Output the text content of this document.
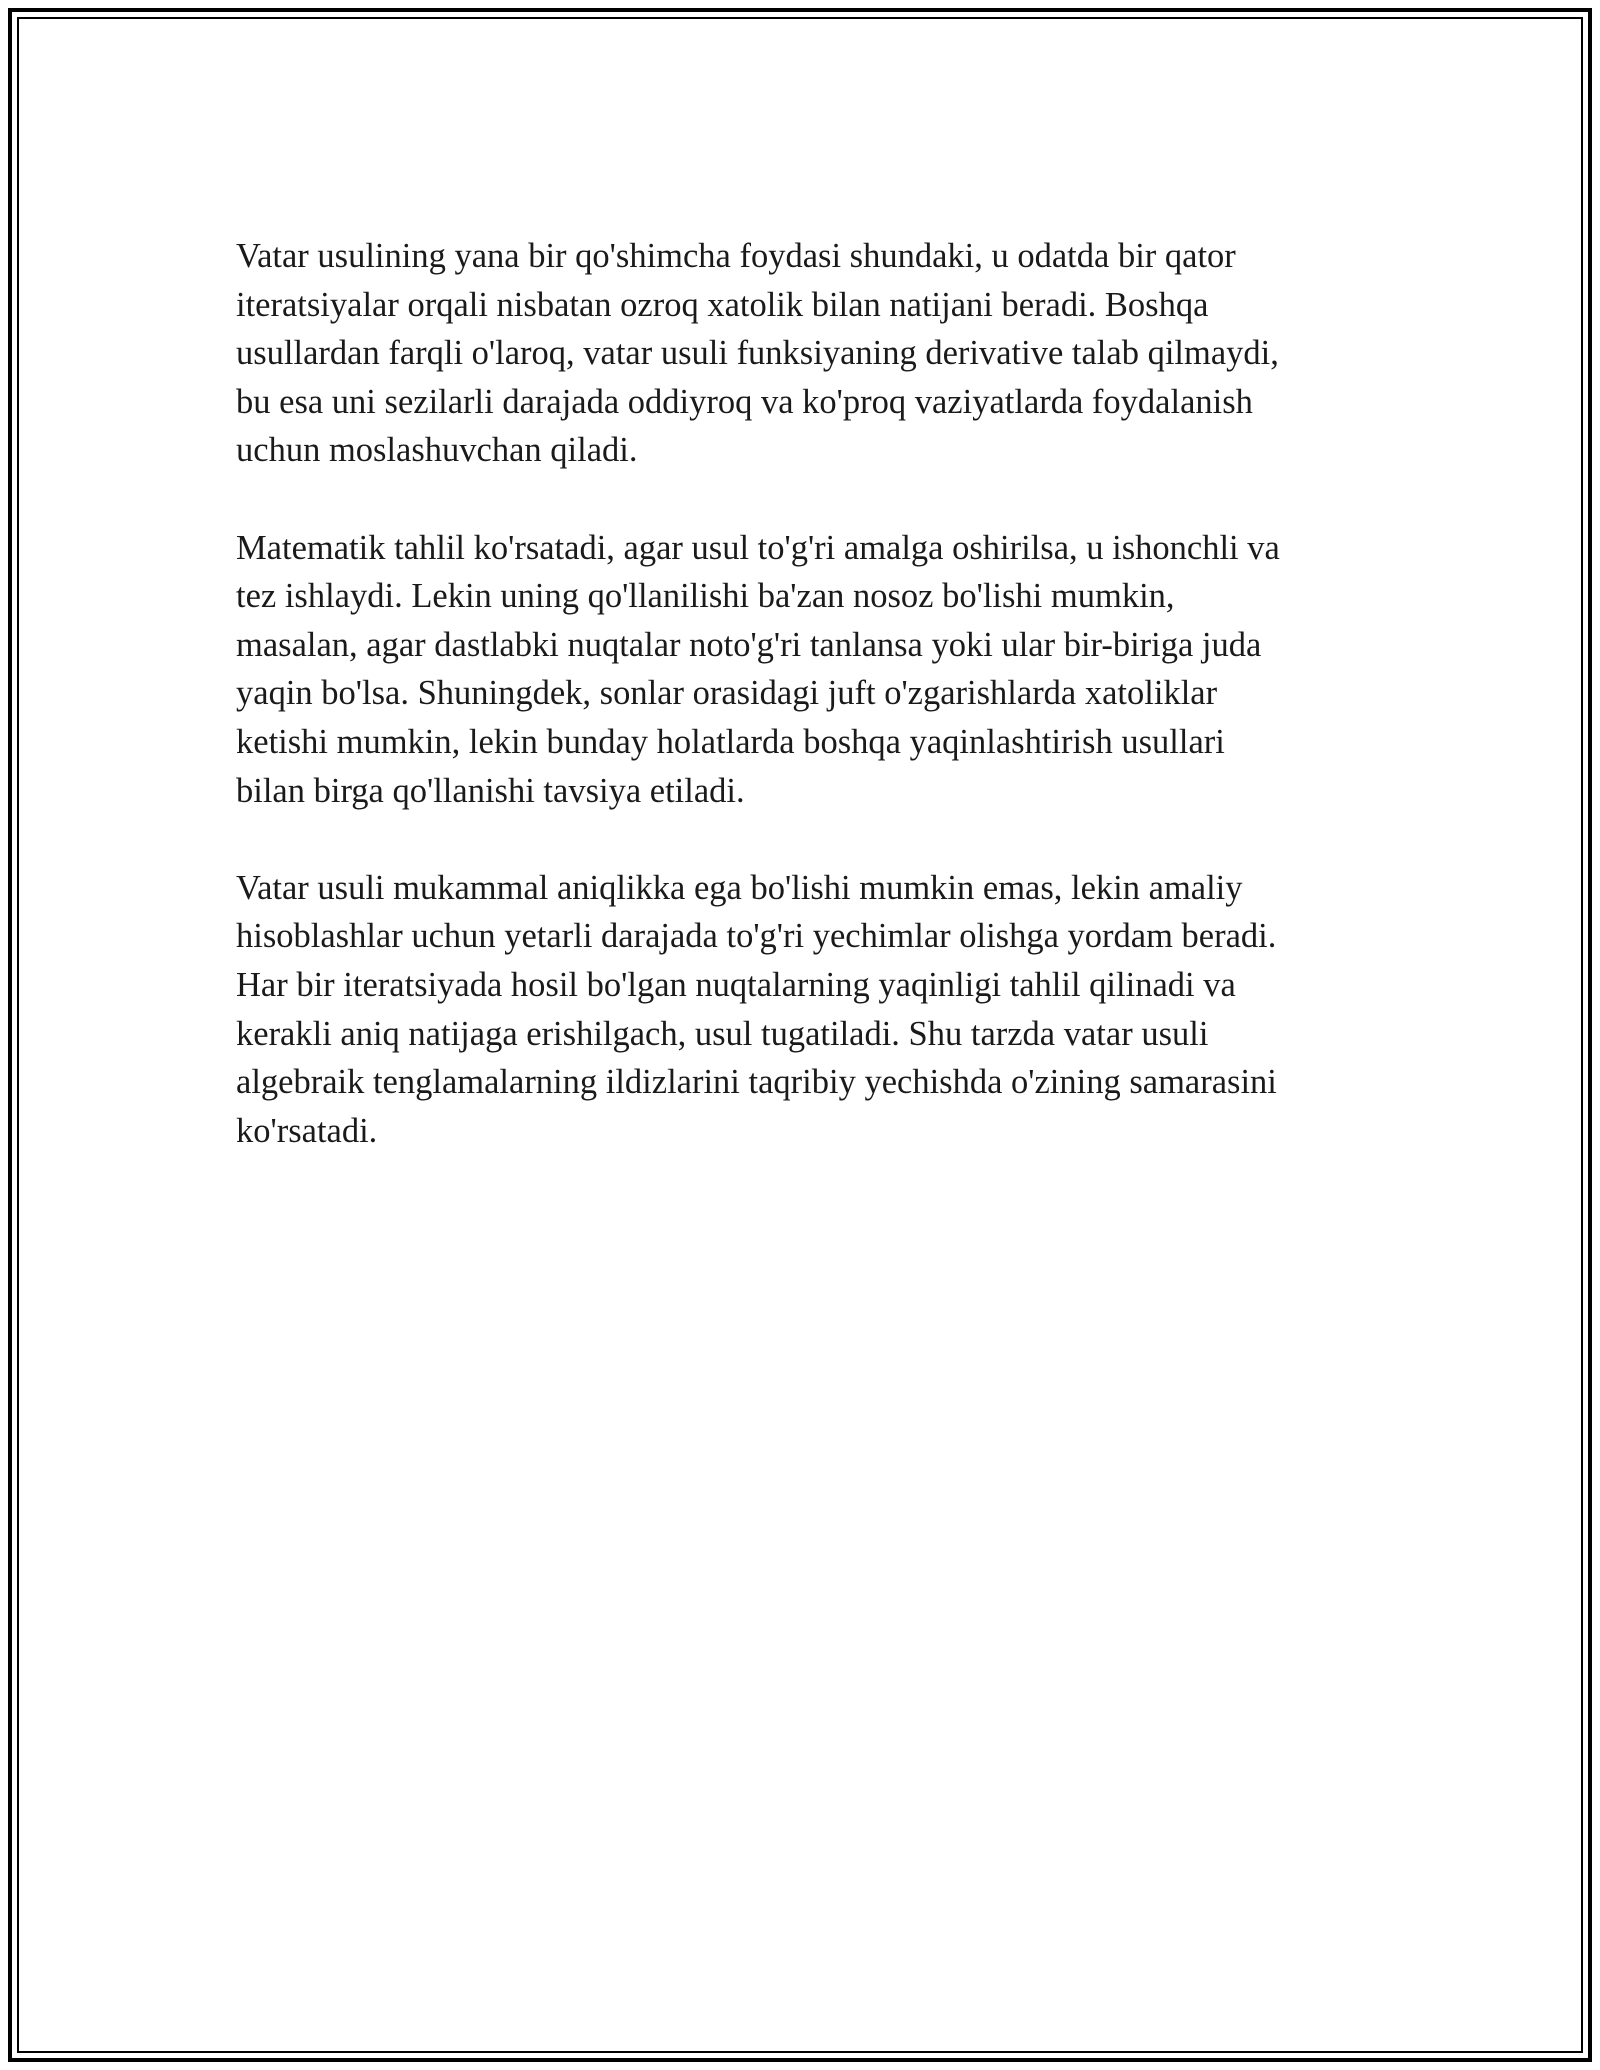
Vatar usulining yana bir qo'shimcha foydasi shundaki, u odatda bir qator
iteratsiyalar orqali nisbatan ozroq xatolik bilan natijani beradi. Boshqa
usullardan farqli o'laroq, vatar usuli funksiyaning derivative talab qilmaydi,
bu esa uni sezilarli darajada oddiyroq va ko'proq vaziyatlarda foydalanish
uchun moslashuvchan qiladi.

Matematik tahlil ko'rsatadi, agar usul to'g'ri amalga oshirilsa, u ishonchli va
tez ishlaydi. Lekin uning qo'llanilishi ba'zan nosoz bo'lishi mumkin,
masalan, agar dastlabki nuqtalar noto'g'ri tanlansa yoki ular bir-biriga juda
yaqin bo'lsa. Shuningdek, sonlar orasidagi juft o'zgarishlarda xatoliklar
ketishi mumkin, lekin bunday holatlarda boshqa yaqinlashtirish usullari
bilan birga qo'llanishi tavsiya etiladi.

Vatar usuli mukammal aniqlikka ega bo'lishi mumkin emas, lekin amaliy
hisoblashlar uchun yetarli darajada to'g'ri yechimlar olishga yordam beradi.
Har bir iteratsiyada hosil bo'lgan nuqtalarning yaqinligi tahlil qilinadi va
kerakli aniq natijaga erishilgach, usul tugatiladi. Shu tarzda vatar usuli
algebraik tenglamalarning ildizlarini taqribiy yechishda o'zining samarasini
ko'rsatadi.
